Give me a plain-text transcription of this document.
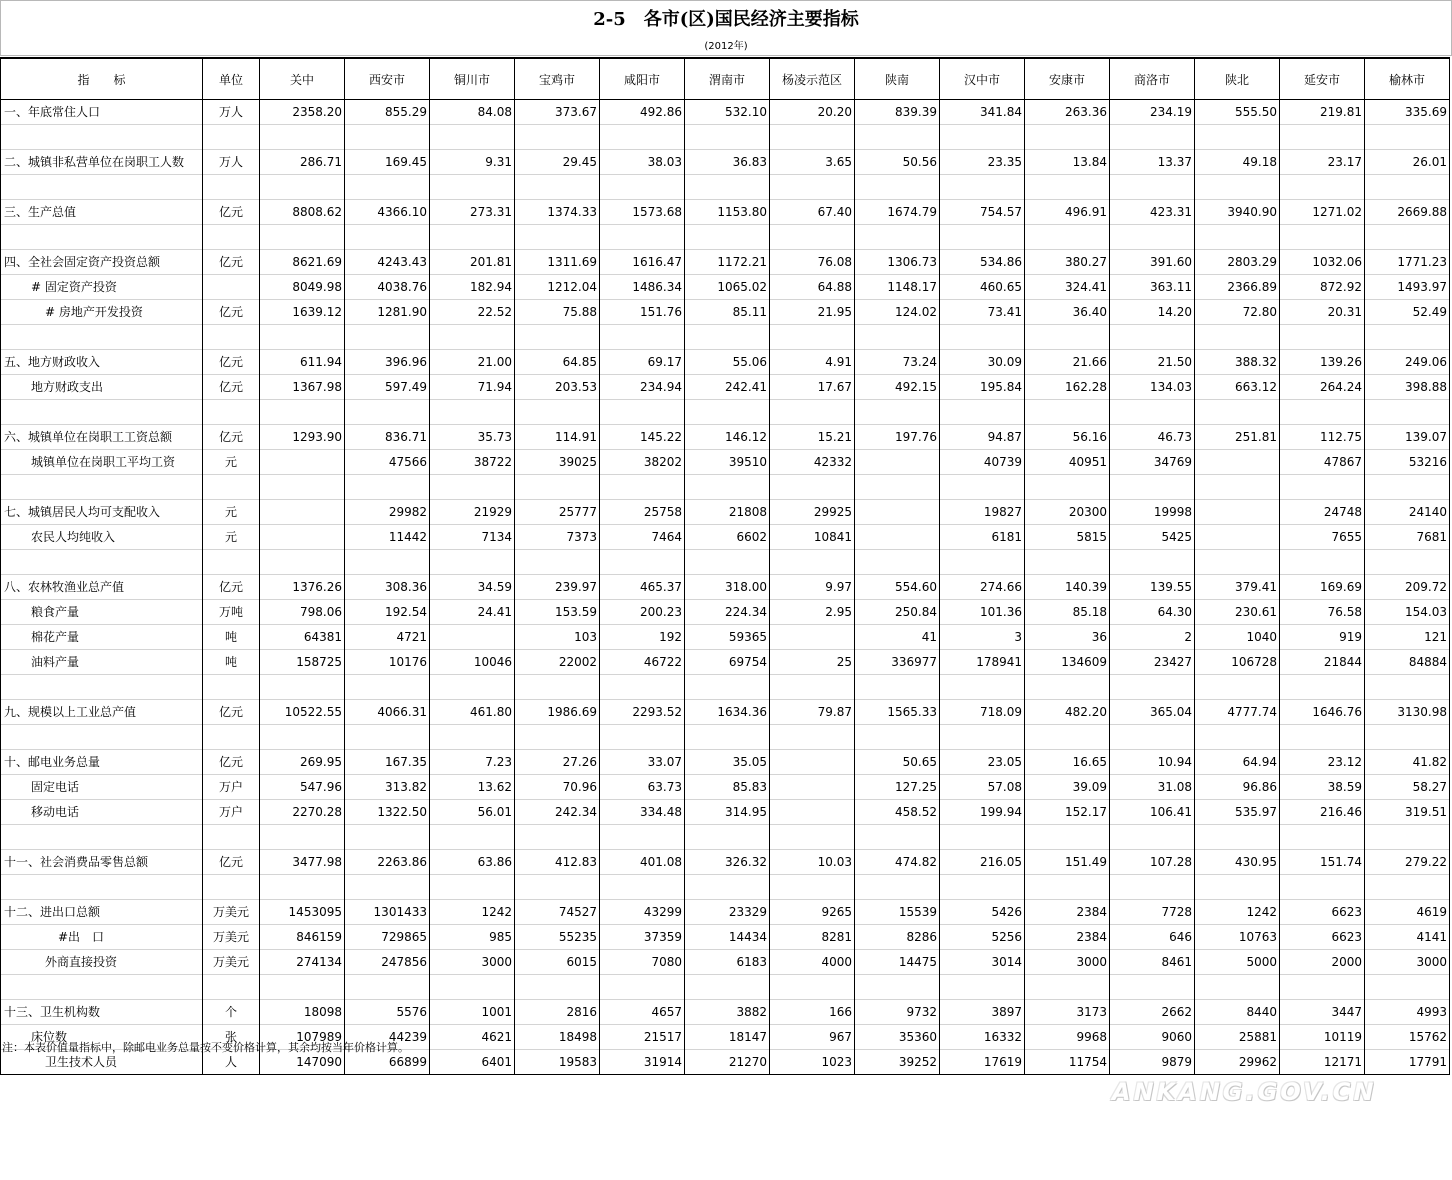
2-5　各市(区)国民经济主要指标
(2012年)
指　　标	单位	关中	西安市	铜川市	宝鸡市	咸阳市	渭南市	杨凌示范区	陕南	汉中市	安康市	商洛市	陕北	延安市	榆林市
一、年底常住人口	万人	2358.20	855.29	84.08	373.67	492.86	532.10	20.20	839.39	341.84	263.36	234.19	555.50	219.81	335.69

二、城镇非私营单位在岗职工人数	万人	286.71	169.45	9.31	29.45	38.03	36.83	3.65	50.56	23.35	13.84	13.37	49.18	23.17	26.01

三、生产总值	亿元	8808.62	4366.10	273.31	1374.33	1573.68	1153.80	67.40	1674.79	754.57	496.91	423.31	3940.90	1271.02	2669.88

四、全社会固定资产投资总额	亿元	8621.69	4243.43	201.81	1311.69	1616.47	1172.21	76.08	1306.73	534.86	380.27	391.60	2803.29	1032.06	1771.23
# 固定资产投资		8049.98	4038.76	182.94	1212.04	1486.34	1065.02	64.88	1148.17	460.65	324.41	363.11	2366.89	872.92	1493.97
# 房地产开发投资	亿元	1639.12	1281.90	22.52	75.88	151.76	85.11	21.95	124.02	73.41	36.40	14.20	72.80	20.31	52.49

五、地方财政收入	亿元	611.94	396.96	21.00	64.85	69.17	55.06	4.91	73.24	30.09	21.66	21.50	388.32	139.26	249.06
地方财政支出	亿元	1367.98	597.49	71.94	203.53	234.94	242.41	17.67	492.15	195.84	162.28	134.03	663.12	264.24	398.88

六、城镇单位在岗职工工资总额	亿元	1293.90	836.71	35.73	114.91	145.22	146.12	15.21	197.76	94.87	56.16	46.73	251.81	112.75	139.07
城镇单位在岗职工平均工资	元		47566	38722	39025	38202	39510	42332		40739	40951	34769		47867	53216

七、城镇居民人均可支配收入	元		29982	21929	25777	25758	21808	29925		19827	20300	19998		24748	24140
农民人均纯收入	元		11442	7134	7373	7464	6602	10841		6181	5815	5425		7655	7681

八、农林牧渔业总产值	亿元	1376.26	308.36	34.59	239.97	465.37	318.00	9.97	554.60	274.66	140.39	139.55	379.41	169.69	209.72
粮食产量	万吨	798.06	192.54	24.41	153.59	200.23	224.34	2.95	250.84	101.36	85.18	64.30	230.61	76.58	154.03
棉花产量	吨	64381	4721		103	192	59365		41	3	36	2	1040	919	121
油料产量	吨	158725	10176	10046	22002	46722	69754	25	336977	178941	134609	23427	106728	21844	84884

九、规模以上工业总产值	亿元	10522.55	4066.31	461.80	1986.69	2293.52	1634.36	79.87	1565.33	718.09	482.20	365.04	4777.74	1646.76	3130.98

十、邮电业务总量	亿元	269.95	167.35	7.23	27.26	33.07	35.05		50.65	23.05	16.65	10.94	64.94	23.12	41.82
固定电话	万户	547.96	313.82	13.62	70.96	63.73	85.83		127.25	57.08	39.09	31.08	96.86	38.59	58.27
移动电话	万户	2270.28	1322.50	56.01	242.34	334.48	314.95		458.52	199.94	152.17	106.41	535.97	216.46	319.51

十一、社会消费品零售总额	亿元	3477.98	2263.86	63.86	412.83	401.08	326.32	10.03	474.82	216.05	151.49	107.28	430.95	151.74	279.22

十二、进出口总额	万美元	1453095	1301433	1242	74527	43299	23329	9265	15539	5426	2384	7728	1242	6623	4619
#出　口	万美元	846159	729865	985	55235	37359	14434	8281	8286	5256	2384	646	10763	6623	4141
外商直接投资	万美元	274134	247856	3000	6015	7080	6183	4000	14475	3014	3000	8461	5000	2000	3000

十三、卫生机构数	个	18098	5576	1001	2816	4657	3882	166	9732	3897	3173	2662	8440	3447	4993
床位数	张	107989	44239	4621	18498	21517	18147	967	35360	16332	9968	9060	25881	10119	15762
卫生技术人员	人	147090	66899	6401	19583	31914	21270	1023	39252	17619	11754	9879	29962	12171	17791
注：本表价值量指标中，除邮电业务总量按不变价格计算，其余均按当年价格计算。
ANKANG.GOV.CN
